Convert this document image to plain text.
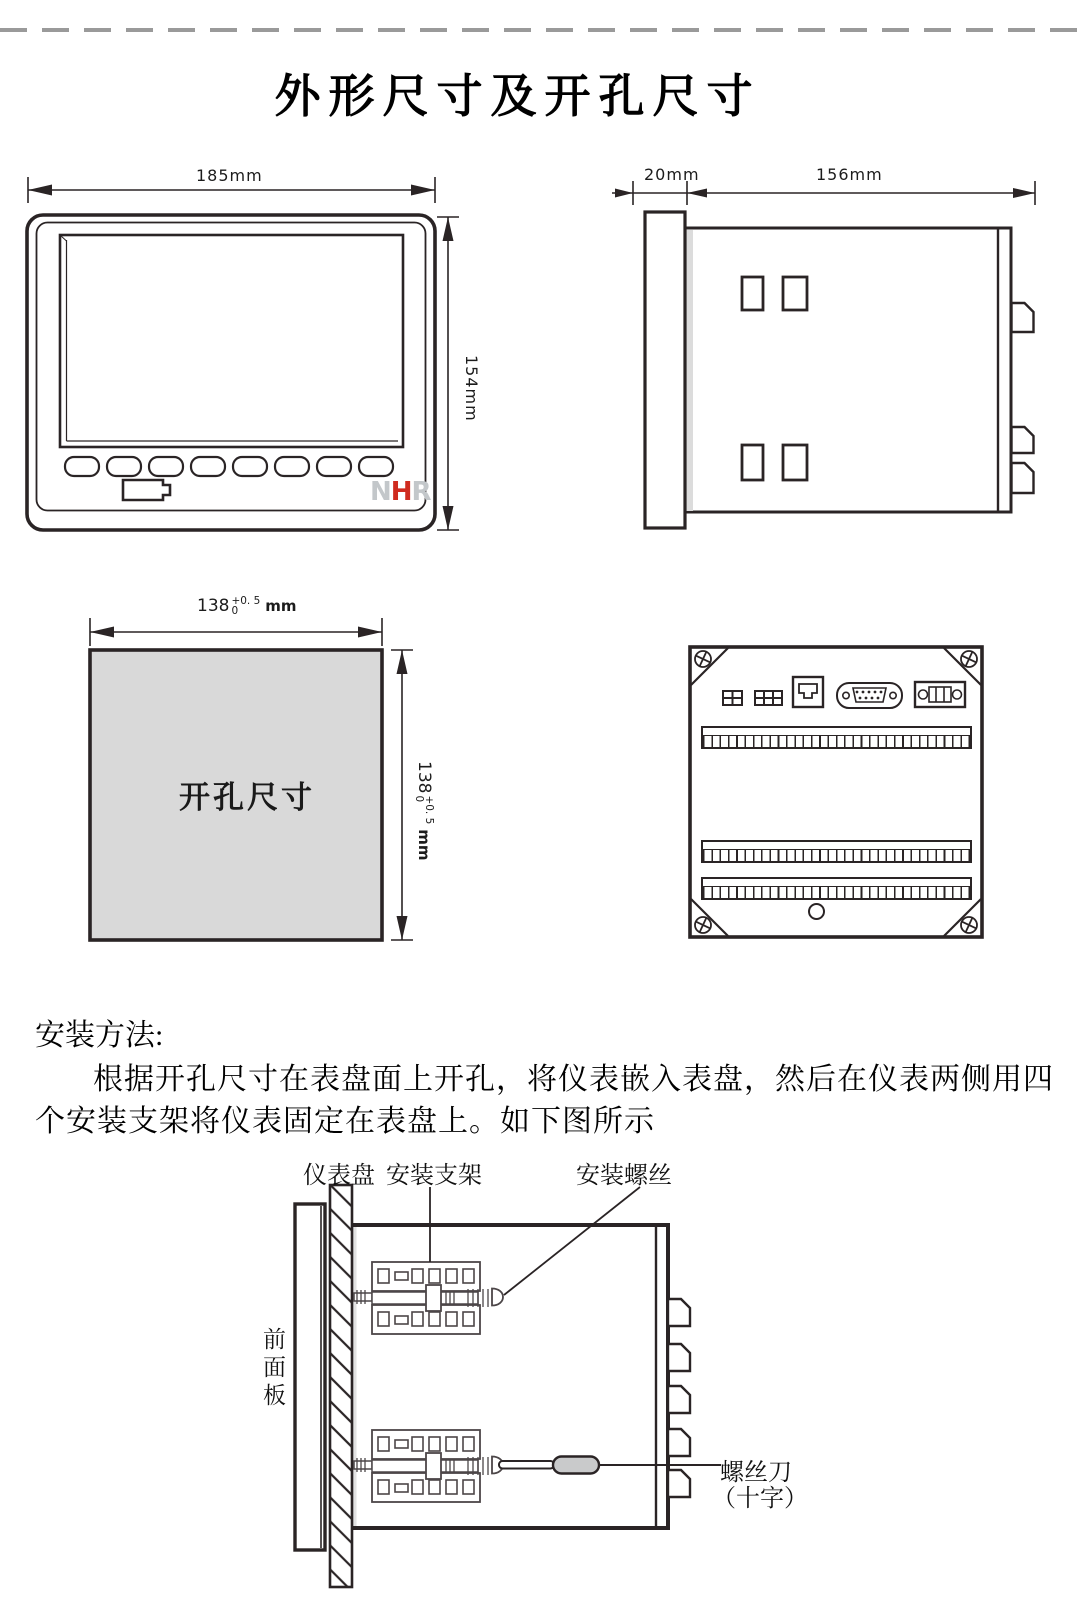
外形尺寸及开孔尺寸
185mm
154mm
NHR
20mm	156mm
138 +0. 5
0	mm
138
+0. 5
0
mm
开孔尺寸
安装方法:
根据开孔尺寸在表盘面上开孔，将仪表嵌入表盘，然后在仪表两侧用四
个安装支架将仪表固定在表盘上。如下图所示
仪表盘 安装支架	安装螺丝
前面板
螺丝刀
（十字）
